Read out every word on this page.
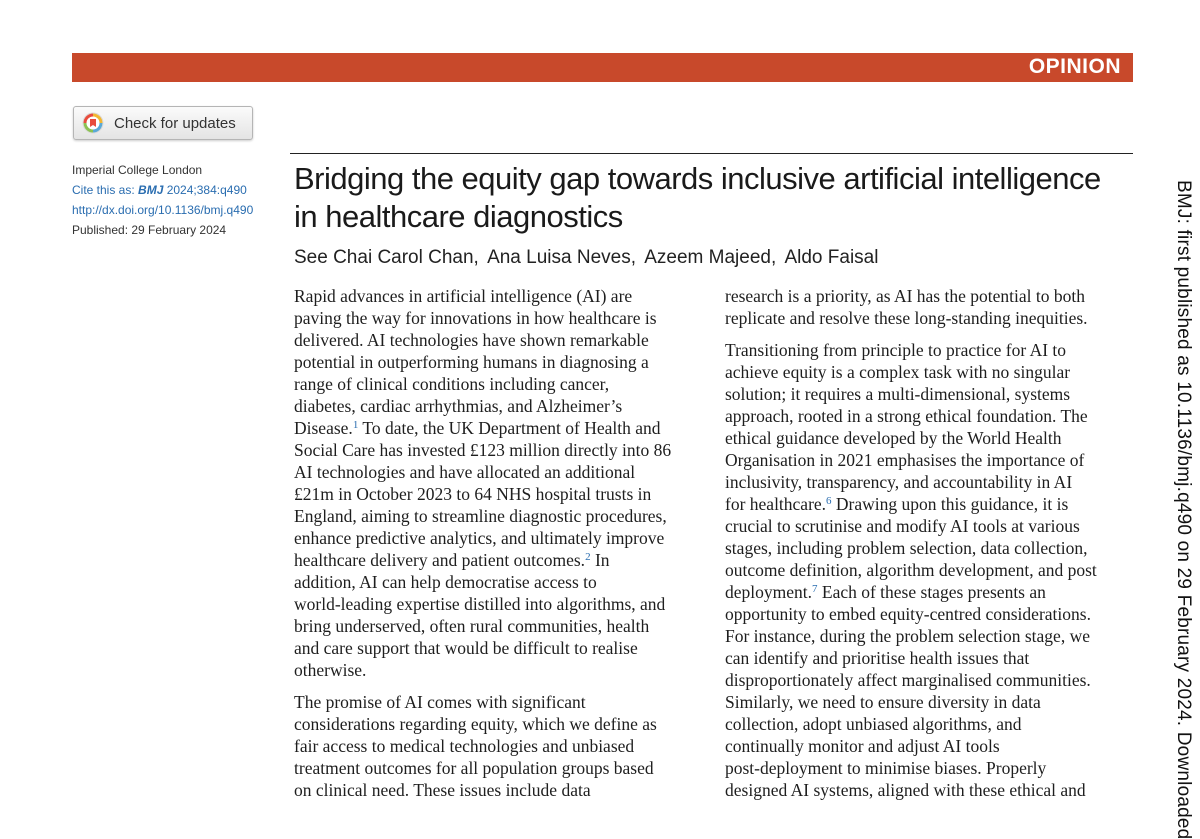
OPINION
Check for updates
Imperial College London
Cite this as: BMJ 2024;384:q490
http://dx.doi.org/10.1136/bmj.q490
Published: 29 February 2024
Bridging the equity gap towards inclusive artificial intelligence in healthcare diagnostics
See Chai Carol Chan, Ana Luisa Neves, Azeem Majeed, Aldo Faisal
Rapid advances in artificial intelligence (AI) are
paving the way for innovations in how healthcare is
delivered. AI technologies have shown remarkable
potential in outperforming humans in diagnosing a
range of clinical conditions including cancer,
diabetes, cardiac arrhythmias, and Alzheimer’s
Disease.$^1$ To date, the UK Department of Health and
Social Care has invested £123 million directly into 86
AI technologies and have allocated an additional
£21m in October 2023 to 64 NHS hospital trusts in
England, aiming to streamline diagnostic procedures,
enhance predictive analytics, and ultimately improve
healthcare delivery and patient outcomes.$^2$ In
addition, AI can help democratise access to
world-leading expertise distilled into algorithms, and
bring underserved, often rural communities, health
and care support that would be difficult to realise
otherwise.
The promise of AI comes with significant
considerations regarding equity, which we define as
fair access to medical technologies and unbiased
treatment outcomes for all population groups based
on clinical need. These issues include data
research is a priority, as AI has the potential to both
replicate and resolve these long-standing inequities.
Transitioning from principle to practice for AI to
achieve equity is a complex task with no singular
solution; it requires a multi-dimensional, systems
approach, rooted in a strong ethical foundation. The
ethical guidance developed by the World Health
Organisation in 2021 emphasises the importance of
inclusivity, transparency, and accountability in AI
for healthcare.$^6$ Drawing upon this guidance, it is
crucial to scrutinise and modify AI tools at various
stages, including problem selection, data collection,
outcome definition, algorithm development, and post
deployment.$^7$ Each of these stages presents an
opportunity to embed equity-centred considerations.
For instance, during the problem selection stage, we
can identify and prioritise health issues that
disproportionately affect marginalised communities.
Similarly, we need to ensure diversity in data
collection, adopt unbiased algorithms, and
continually monitor and adjust AI tools
post-deployment to minimise biases. Properly
designed AI systems, aligned with these ethical and
BMJ: first published as 10.1136/bmj.q490 on 29 February 2024. Downloaded
